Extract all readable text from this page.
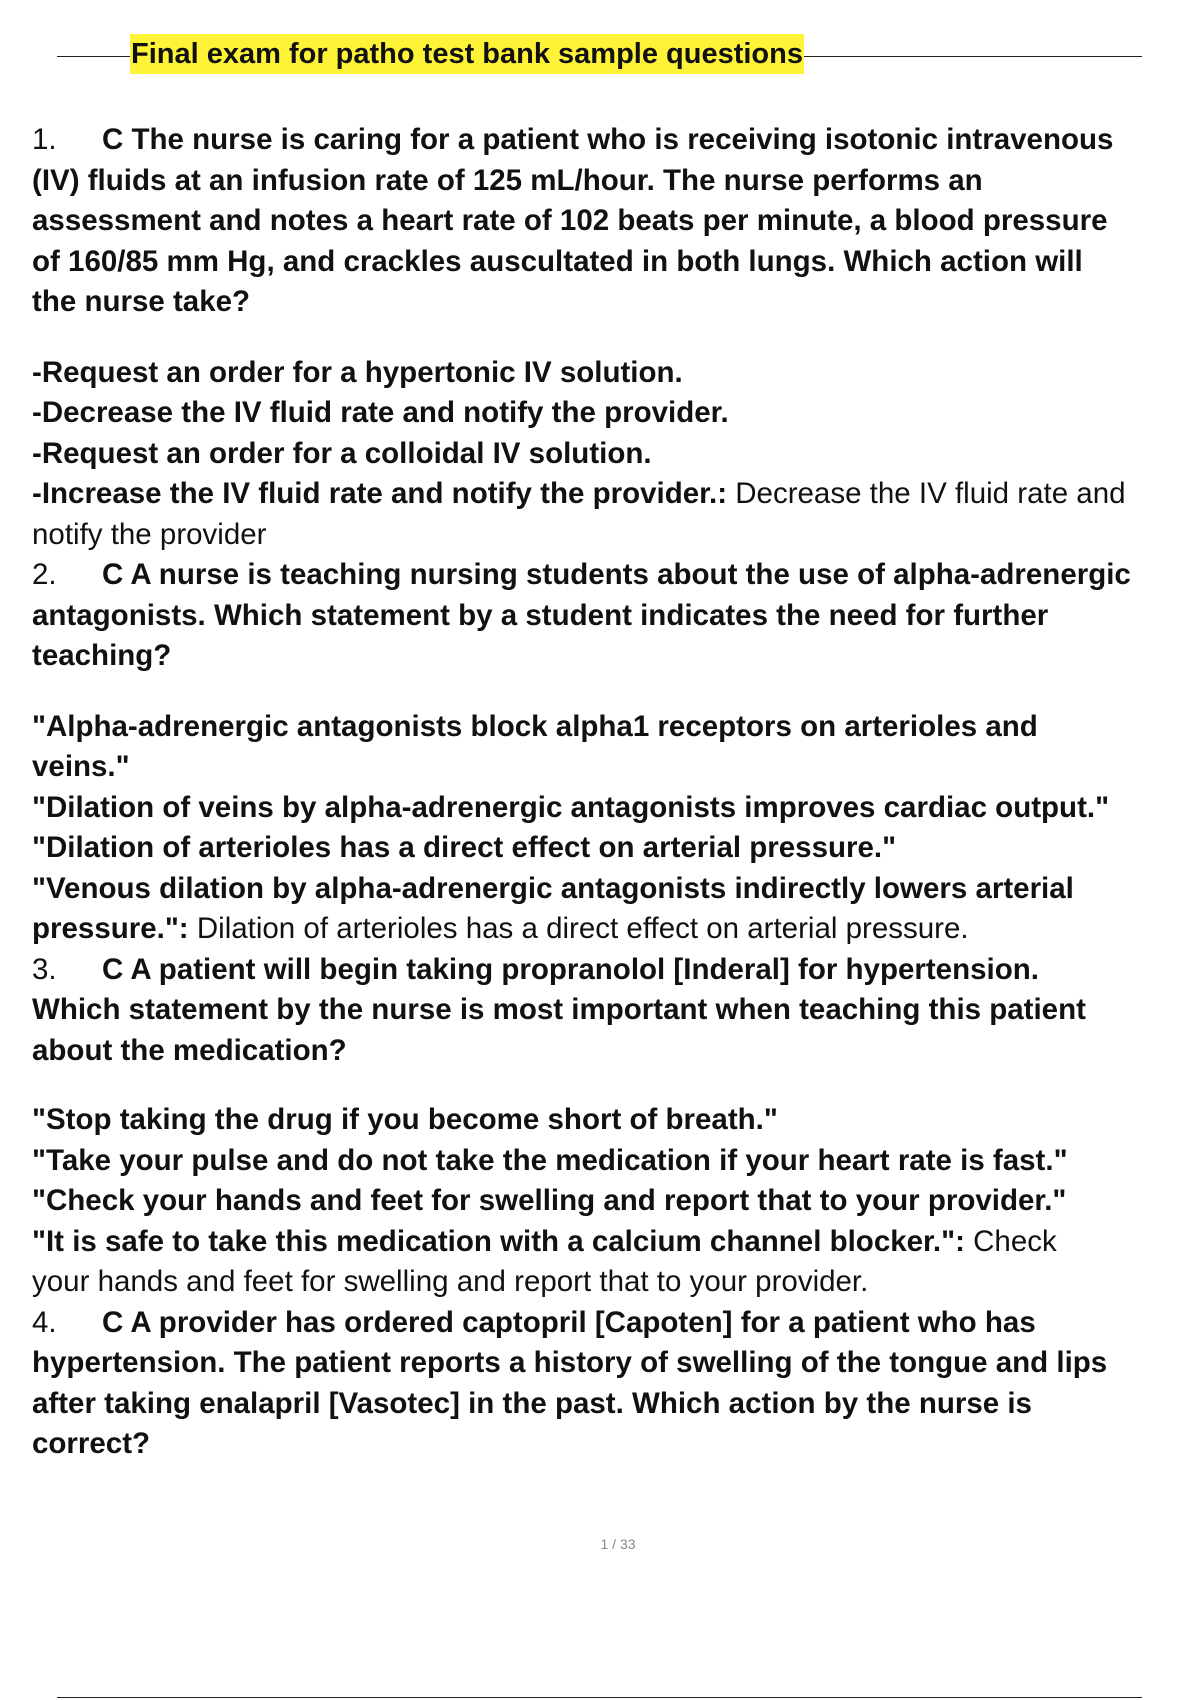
Final exam for patho test bank sample questions
1. C The nurse is caring for a patient who is receiving isotonic intravenous
(IV) fluids at an infusion rate of 125 mL/hour. The nurse performs an
assessment and notes a heart rate of 102 beats per minute, a blood pressure
of 160/85 mm Hg, and crackles auscultated in both lungs. Which action will
the nurse take?
-Request an order for a hypertonic IV solution.
-Decrease the IV fluid rate and notify the provider.
-Request an order for a colloidal IV solution.
-Increase the IV fluid rate and notify the provider.: Decrease the IV fluid rate and
notify the provider
2. C A nurse is teaching nursing students about the use of alpha-adrenergic
antagonists. Which statement by a student indicates the need for further
teaching?
"Alpha-adrenergic antagonists block alpha1 receptors on arterioles and
veins."
"Dilation of veins by alpha-adrenergic antagonists improves cardiac output."
"Dilation of arterioles has a direct effect on arterial pressure."
"Venous dilation by alpha-adrenergic antagonists indirectly lowers arterial
pressure.": Dilation of arterioles has a direct effect on arterial pressure.
3. C A patient will begin taking propranolol [Inderal] for hypertension.
Which statement by the nurse is most important when teaching this patient
about the medication?
"Stop taking the drug if you become short of breath."
"Take your pulse and do not take the medication if your heart rate is fast."
"Check your hands and feet for swelling and report that to your provider."
"It is safe to take this medication with a calcium channel blocker.": Check
your hands and feet for swelling and report that to your provider.
4. C A provider has ordered captopril [Capoten] for a patient who has
hypertension. The patient reports a history of swelling of the tongue and lips
after taking enalapril [Vasotec] in the past. Which action by the nurse is
correct?
1 / 33
